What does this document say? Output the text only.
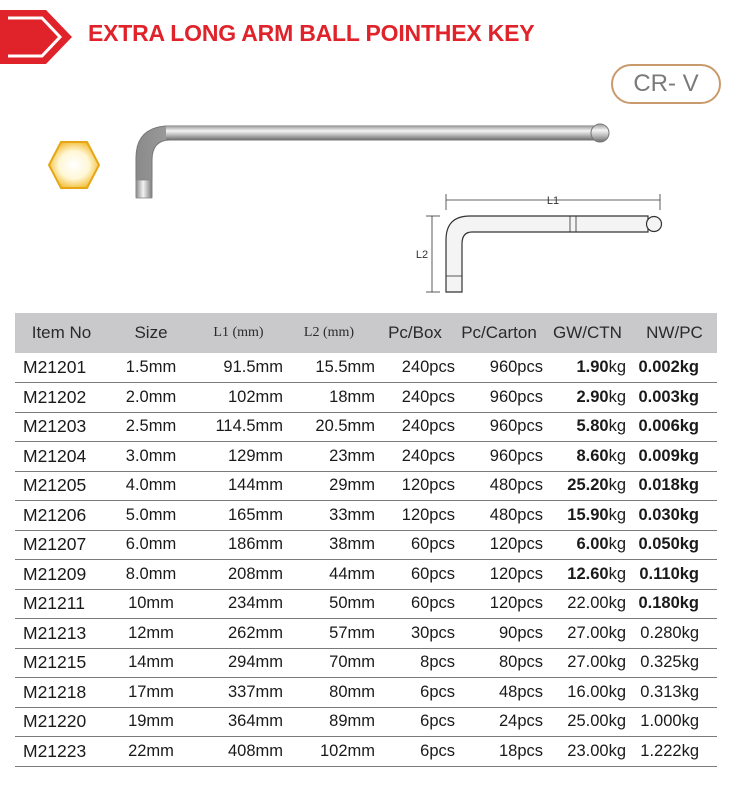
EXTRA LONG ARM BALL POINTHEX KEY
CR- V
L1
L2
Item No	Size	L1 (mm)	L2 (mm)	Pc/Box	Pc/Carton	GW/CTN	NW/PC
M21201	1.5mm	91.5mm	15.5mm	240pcs	960pcs	1.90kg	0.002kg
M21202	2.0mm	102mm	18mm	240pcs	960pcs	2.90kg	0.003kg
M21203	2.5mm	114.5mm	20.5mm	240pcs	960pcs	5.80kg	0.006kg
M21204	3.0mm	129mm	23mm	240pcs	960pcs	8.60kg	0.009kg
M21205	4.0mm	144mm	29mm	120pcs	480pcs	25.20kg	0.018kg
M21206	5.0mm	165mm	33mm	120pcs	480pcs	15.90kg	0.030kg
M21207	6.0mm	186mm	38mm	60pcs	120pcs	6.00kg	0.050kg
M21209	8.0mm	208mm	44mm	60pcs	120pcs	12.60kg	0.110kg
M21211	10mm	234mm	50mm	60pcs	120pcs	22.00kg	0.180kg
M21213	12mm	262mm	57mm	30pcs	90pcs	27.00kg	0.280kg
M21215	14mm	294mm	70mm	8pcs	80pcs	27.00kg	0.325kg
M21218	17mm	337mm	80mm	6pcs	48pcs	16.00kg	0.313kg
M21220	19mm	364mm	89mm	6pcs	24pcs	25.00kg	1.000kg
M21223	22mm	408mm	102mm	6pcs	18pcs	23.00kg	1.222kg
